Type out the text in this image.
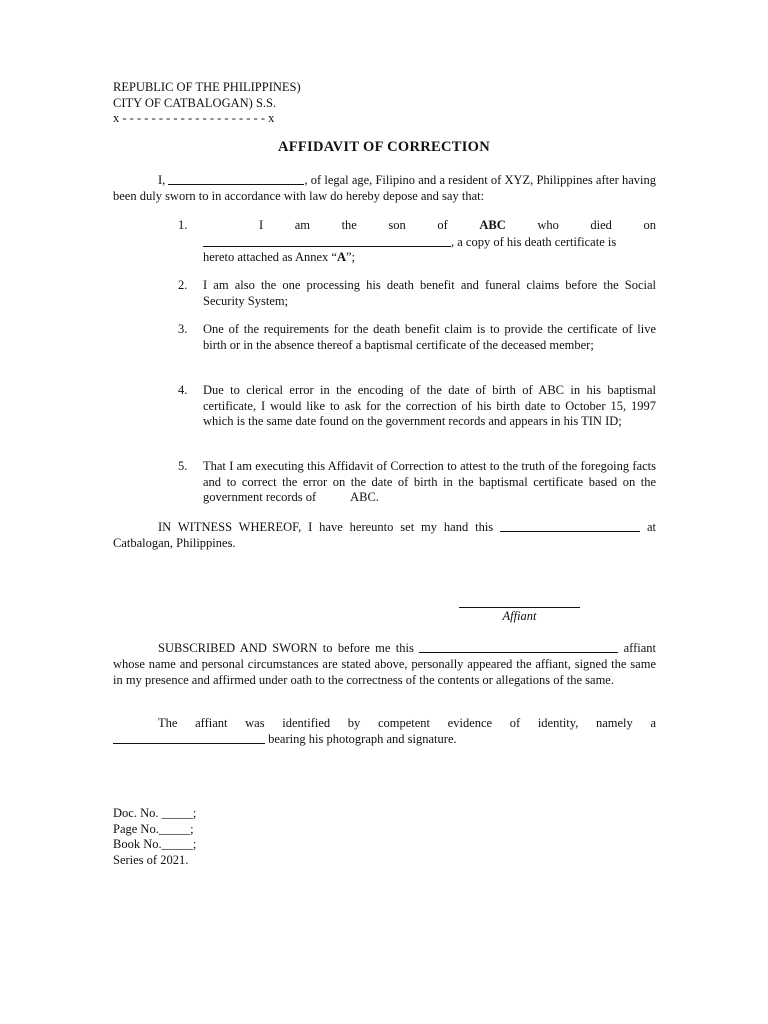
REPUBLIC OF THE PHILIPPINES)
CITY OF CATBALOGAN) S.S.
x - - - - - - - - - - - - - - - - - - - - x
AFFIDAVIT OF CORRECTION
I,	, of legal age, Filipino and a resident of XYZ, Philippines after having been duly sworn to in accordance with law do hereby depose and say that:
1.	I	am	the	son	of	ABC	who	died	on
, a copy of his death certificate is
hereto attached as Annex “A”;
2.	I am also the one processing his death benefit and funeral claims before the Social Security System;
3.	One of the requirements for the death benefit claim is to provide the certificate of live birth or in the absence thereof a baptismal certificate of the deceased member;
4.	Due to clerical error in the encoding of the date of birth of ABC in his baptismal certificate, I would like to ask for the correction of his birth date to October 15, 1997 which is the same date found on the government records and appears in his TIN ID;
5.	That I am executing this Affidavit of Correction to attest to the truth of the foregoing facts and to correct the error on the date of birth in the baptismal certificate based on the government records of	ABC.
IN WITNESS WHEREOF, I have hereunto set my hand this	at Catbalogan, Philippines.
Affiant
SUBSCRIBED AND SWORN to before me this	affiant whose name and personal circumstances are stated above, personally appeared the affiant, signed the same in my presence and affirmed under oath to the correctness of the contents or allegations of the same.
The affiant was identified by competent evidence of identity, namely a  bearing his photograph and signature.
Doc. No. _____;
Page No._____;
Book No._____;
Series of 2021.
